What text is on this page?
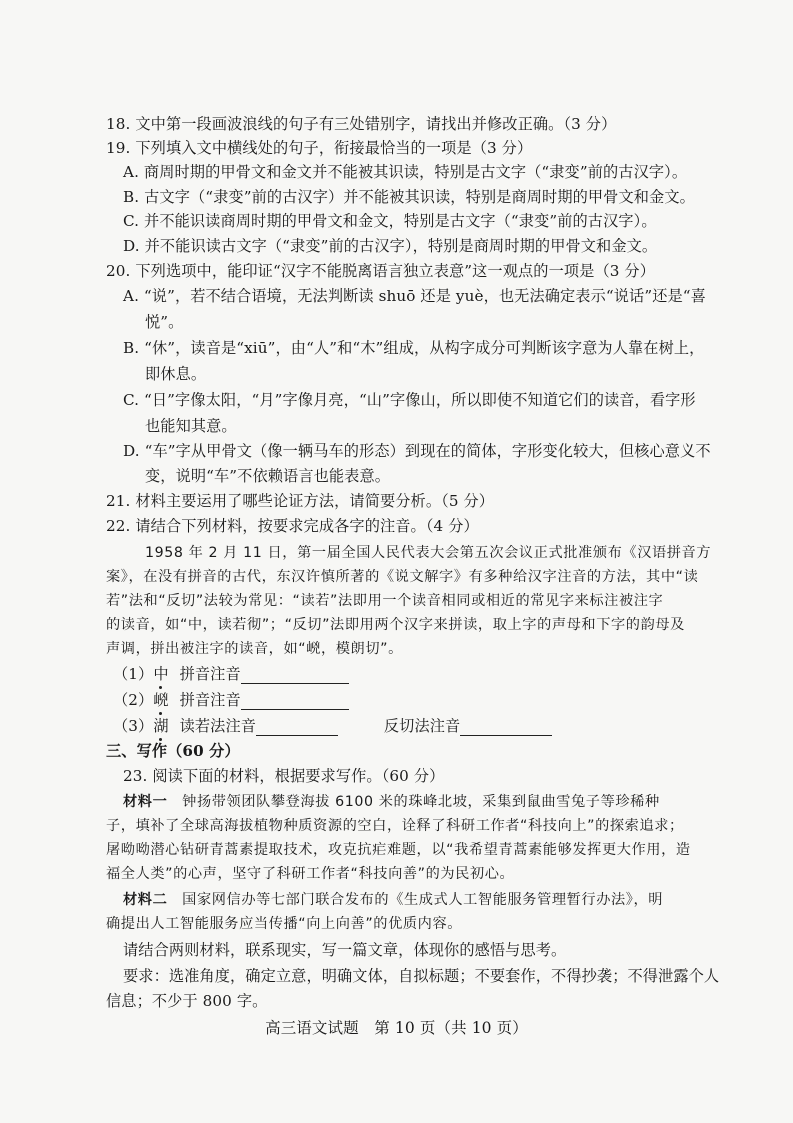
18. 文中第一段画波浪线的句子有三处错别字，请找出并修改正确。（3 分）
19. 下列填入文中横线处的句子，衔接最恰当的一项是（3 分）
A. 商周时期的甲骨文和金文并不能被其识读，特别是古文字（“隶变”前的古汉字）。
B. 古文字（“隶变”前的古汉字）并不能被其识读，特别是商周时期的甲骨文和金文。
C. 并不能识读商周时期的甲骨文和金文，特别是古文字（“隶变”前的古汉字）。
D. 并不能识读古文字（“隶变”前的古汉字），特别是商周时期的甲骨文和金文。
20. 下列选项中，能印证“汉字不能脱离语言独立表意”这一观点的一项是（3 分）
A. “说”，若不结合语境，无法判断读 shuō 还是 yuè，也无法确定表示“说话”还是“喜
悦”。
B. “休”，读音是“xiū”，由“人”和“木”组成，从构字成分可判断该字意为人靠在树上，
即休息。
C. “日”字像太阳，“月”字像月亮，“山”字像山，所以即使不知道它们的读音，看字形
也能知其意。
D. “车”字从甲骨文（像一辆马车的形态）到现在的简体，字形变化较大，但核心意义不
变，说明“车”不依赖语言也能表意。
21. 材料主要运用了哪些论证方法，请简要分析。（5 分）
22. 请结合下列材料，按要求完成各字的注音。（4 分）
1958 年 2 月 11 日，第一届全国人民代表大会第五次会议正式批准颁布《汉语拼音方
案》，在没有拼音的古代，东汉许慎所著的《说文解字》有多种给汉字注音的方法，其中“读
若”法和“反切”法较为常见：“读若”法即用一个读音相同或相近的常见字来标注被注字
的读音，如“中，读若彻”；“反切”法即用两个汉字来拼读，取上字的声母和下字的韵母及
声调，拼出被注字的读音，如“㟅，模朗切”。
（1）中 拼音注音
（2）㟅 拼音注音
（3）湖 读若法注音	反切法注音
三、写作（60 分）
23. 阅读下面的材料，根据要求写作。（60 分）
材料一　 钟扬带领团队攀登海拔 6100 米的珠峰北坡，采集到鼠曲雪兔子等珍稀种
子，填补了全球高海拔植物种质资源的空白，诠释了科研工作者“科技向上”的探索追求；
屠呦呦潜心钻研青蒿素提取技术，攻克抗疟难题，以“我希望青蒿素能够发挥更大作用，造
福全人类”的心声，坚守了科研工作者“科技向善”的为民初心。
材料二　 国家网信办等七部门联合发布的《生成式人工智能服务管理暂行办法》，明
确提出人工智能服务应当传播“向上向善”的优质内容。
请结合两则材料，联系现实，写一篇文章，体现你的感悟与思考。
要求：选准角度，确定立意，明确文体，自拟标题；不要套作，不得抄袭；不得泄露个人
信息；不少于 800 字。
高三语文试题　第 10 页（共 10 页）
